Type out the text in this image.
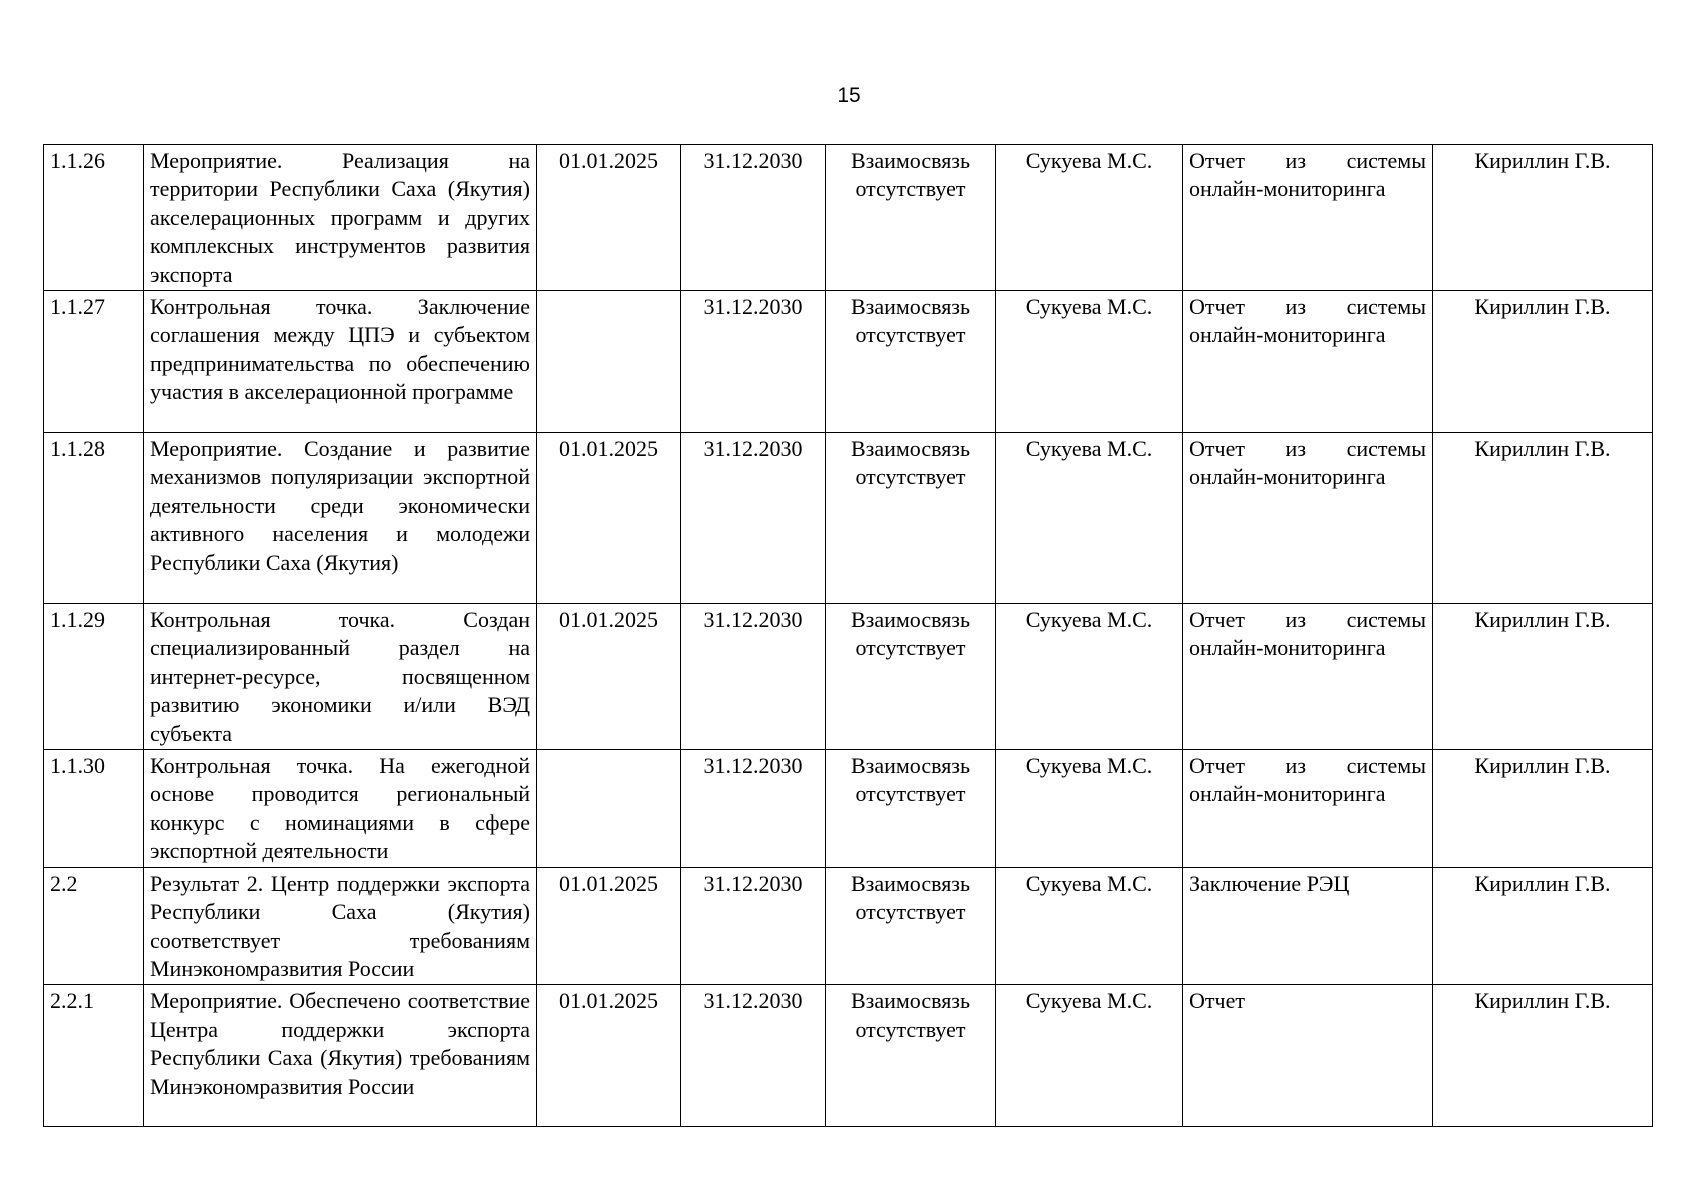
15
1.1.26	Мероприятие. Реализация на территории Республики Саха (Якутия) акселерационных программ и других комплексных инструментов развития экспорта	01.01.2025	31.12.2030	Взаимосвязь отсутствует	Сукуева М.С.	Отчет из системы онлайн-мониторинга	Кириллин Г.В.
1.1.27	Контрольная точка. Заключение соглашения между ЦПЭ и субъектом предпринимательства по обеспечению участия в акселерационной программе		31.12.2030	Взаимосвязь отсутствует	Сукуева М.С.	Отчет из системы онлайн-мониторинга	Кириллин Г.В.
1.1.28	Мероприятие. Создание и развитие механизмов популяризации экспортной деятельности среди экономически активного населения и молодежи Республики Саха (Якутия)	01.01.2025	31.12.2030	Взаимосвязь отсутствует	Сукуева М.С.	Отчет из системы онлайн-мониторинга	Кириллин Г.В.
1.1.29	Контрольная точка. Создан специализированный раздел на интернет-ресурсе, посвященном развитию экономики и/или ВЭД субъекта	01.01.2025	31.12.2030	Взаимосвязь отсутствует	Сукуева М.С.	Отчет из системы онлайн-мониторинга	Кириллин Г.В.
1.1.30	Контрольная точка. На ежегодной основе проводится региональный конкурс с номинациями в сфере экспортной деятельности		31.12.2030	Взаимосвязь отсутствует	Сукуева М.С.	Отчет из системы онлайн-мониторинга	Кириллин Г.В.
2.2	Результат 2. Центр поддержки экспорта Республики Саха (Якутия) соответствует требованиям Минэкономразвития России	01.01.2025	31.12.2030	Взаимосвязь отсутствует	Сукуева М.С.	Заключение РЭЦ	Кириллин Г.В.
2.2.1	Мероприятие. Обеспечено соответствие Центра поддержки экспорта Республики Саха (Якутия) требованиям Минэкономразвития России	01.01.2025	31.12.2030	Взаимосвязь отсутствует	Сукуева М.С.	Отчет	Кириллин Г.В.
